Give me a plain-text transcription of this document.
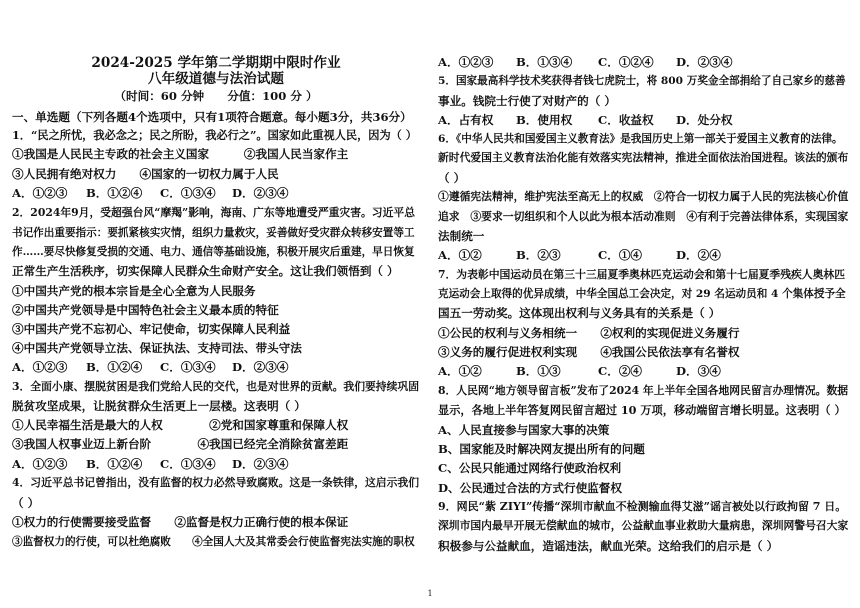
2024-2025 学年第二学期期中限时作业
八年级道德与法治试题
（时间：60 分钟　　分值：100 分 ）
一、单选题（下列各题4个选项中，只有1项符合题意。每小题3分，共36分）
1．“民之所忧，我必念之；民之所盼，我必行之”。国家如此重视人民，因为（ ）
①我国是人民民主专政的社会主义国家　　　②我国人民当家作主
③人民拥有绝对权力　　④国家的一切权力属于人民
A．①②③	B．①②④	C．①③④	D．②③④
2．2024年9月，受超强台风“摩羯”影响，海南、广东等地遭受严重灾害。习近平总
书记作出重要指示：要抓紧核实灾情，组织力量救灾，妥善做好受灾群众转移安置等工
作……要尽快修复受损的交通、电力、通信等基础设施，积极开展灾后重建，早日恢复
正常生产生活秩序，切实保障人民群众生命财产安全。这让我们领悟到（ ）
①中国共产党的根本宗旨是全心全意为人民服务
②中国共产党领导是中国特色社会主义最本质的特征
③中国共产党不忘初心、牢记使命，切实保障人民利益
④中国共产党领导立法、保证执法、支持司法、带头守法
A．①②③	B．①②④	C．①③④	D．②③④
3．全面小康、摆脱贫困是我们党给人民的交代，也是对世界的贡献。我们要持续巩固
脱贫攻坚成果，让脱贫群众生活更上一层楼。这表明（ ）
①人民幸福生活是最大的人权　　　　②党和国家尊重和保障人权
③我国人权事业迈上新台阶　　　　④我国已经完全消除贫富差距
A．①②③	B．①②④	C．①③④	D．②③④
4．习近平总书记曾指出，没有监督的权力必然导致腐败。这是一条铁律，这启示我们
（ ）
①权力的行使需要接受监督　　②监督是权力正确行使的根本保证
③监督权力的行使，可以杜绝腐败　　④全国人大及其常委会行使监督宪法实施的职权
A．①②③	B．①③④	C．①②④	D．②③④
5．国家最高科学技术奖获得者钱七虎院士，将 800 万奖金全部捐给了自己家乡的慈善
事业。钱院士行使了对财产的（ ）
A．占有权	B．使用权	C．收益权	D．处分权
6．《中华人民共和国爱国主义教育法》是我国历史上第一部关于爱国主义教育的法律。
新时代爱国主义教育法治化能有效落实宪法精神，推进全面依法治国进程。该法的颁布
（ ）
①遵循宪法精神，维护宪法至高无上的权威　②符合一切权力属于人民的宪法核心价值
追求　③要求一切组织和个人以此为根本活动准则　④有利于完善法律体系，实现国家
法制统一
A．①②	B．②③	C．①④	D．②④
7．为表彰中国运动员在第三十三届夏季奥林匹克运动会和第十七届夏季残疾人奥林匹
克运动会上取得的优异成绩，中华全国总工会决定，对 29 名运动员和 4 个集体授予全
国五一劳动奖。这体现出权利与义务具有的关系是（ ）
①公民的权利与义务相统一　　②权利的实现促进义务履行
③义务的履行促进权利实现　　④我国公民依法享有名誉权
A．①②	B．①③	C．②④	D．③④
8．人民网“地方领导留言板”发布了2024 年上半年全国各地网民留言办理情况。数据
显示，各地上半年答复网民留言超过 10 万项，移动端留言增长明显。这表明（ ）
A、人民直接参与国家大事的决策
B、国家能及时解决网友提出所有的问题
C、公民只能通过网络行使政治权利
D、公民通过合法的方式行使监督权
9．网民“紫 ZIYI”传播“深圳市献血不检测输血得艾滋”谣言被处以行政拘留 7 日。
深圳市国内最早开展无偿献血的城市，公益献血事业救助大量病患，深圳网警号召大家
积极参与公益献血，造谣违法，献血光荣。这给我们的启示是（ ）
1
